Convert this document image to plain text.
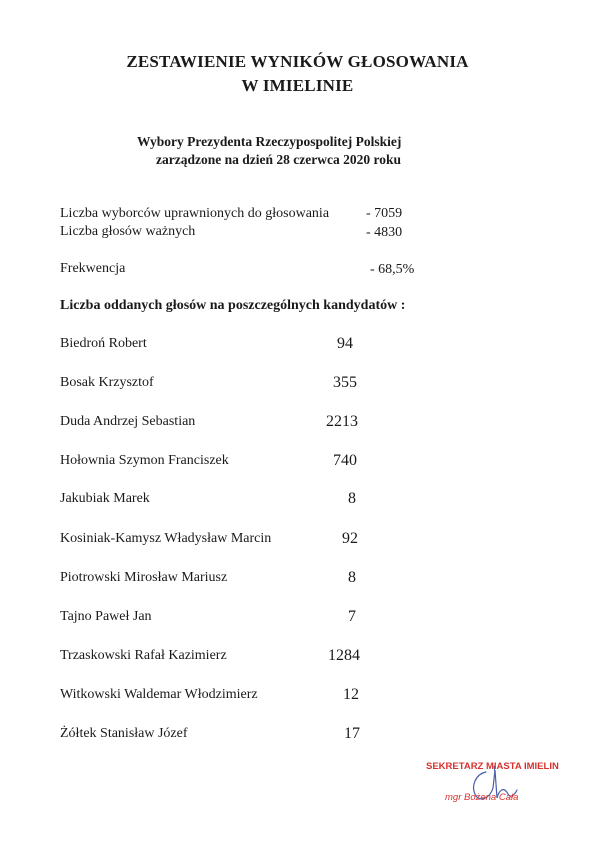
ZESTAWIENIE WYNIKÓW GŁOSOWANIA
W IMIELINIE
Wybory Prezydenta Rzeczypospolitej Polskiej
zarządzone na dzień 28 czerwca 2020 roku
Liczba wyborców uprawnionych do głosowania	- 7059
Liczba głosów ważnych	- 4830
Frekwencja	- 68,5%
Liczba oddanych głosów na poszczególnych kandydatów :
Biedroń Robert	94
Bosak Krzysztof	355
Duda Andrzej Sebastian	2213
Hołownia Szymon Franciszek	740
Jakubiak Marek	8
Kosiniak-Kamysz Władysław Marcin	92
Piotrowski Mirosław Mariusz	8
Tajno Paweł Jan	7
Trzaskowski Rafał Kazimierz	1284
Witkowski Waldemar Włodzimierz	12
Żółtek Stanisław Józef	17
SEKRETARZ MIASTA IMIELIN
mgr Bożena Cała
